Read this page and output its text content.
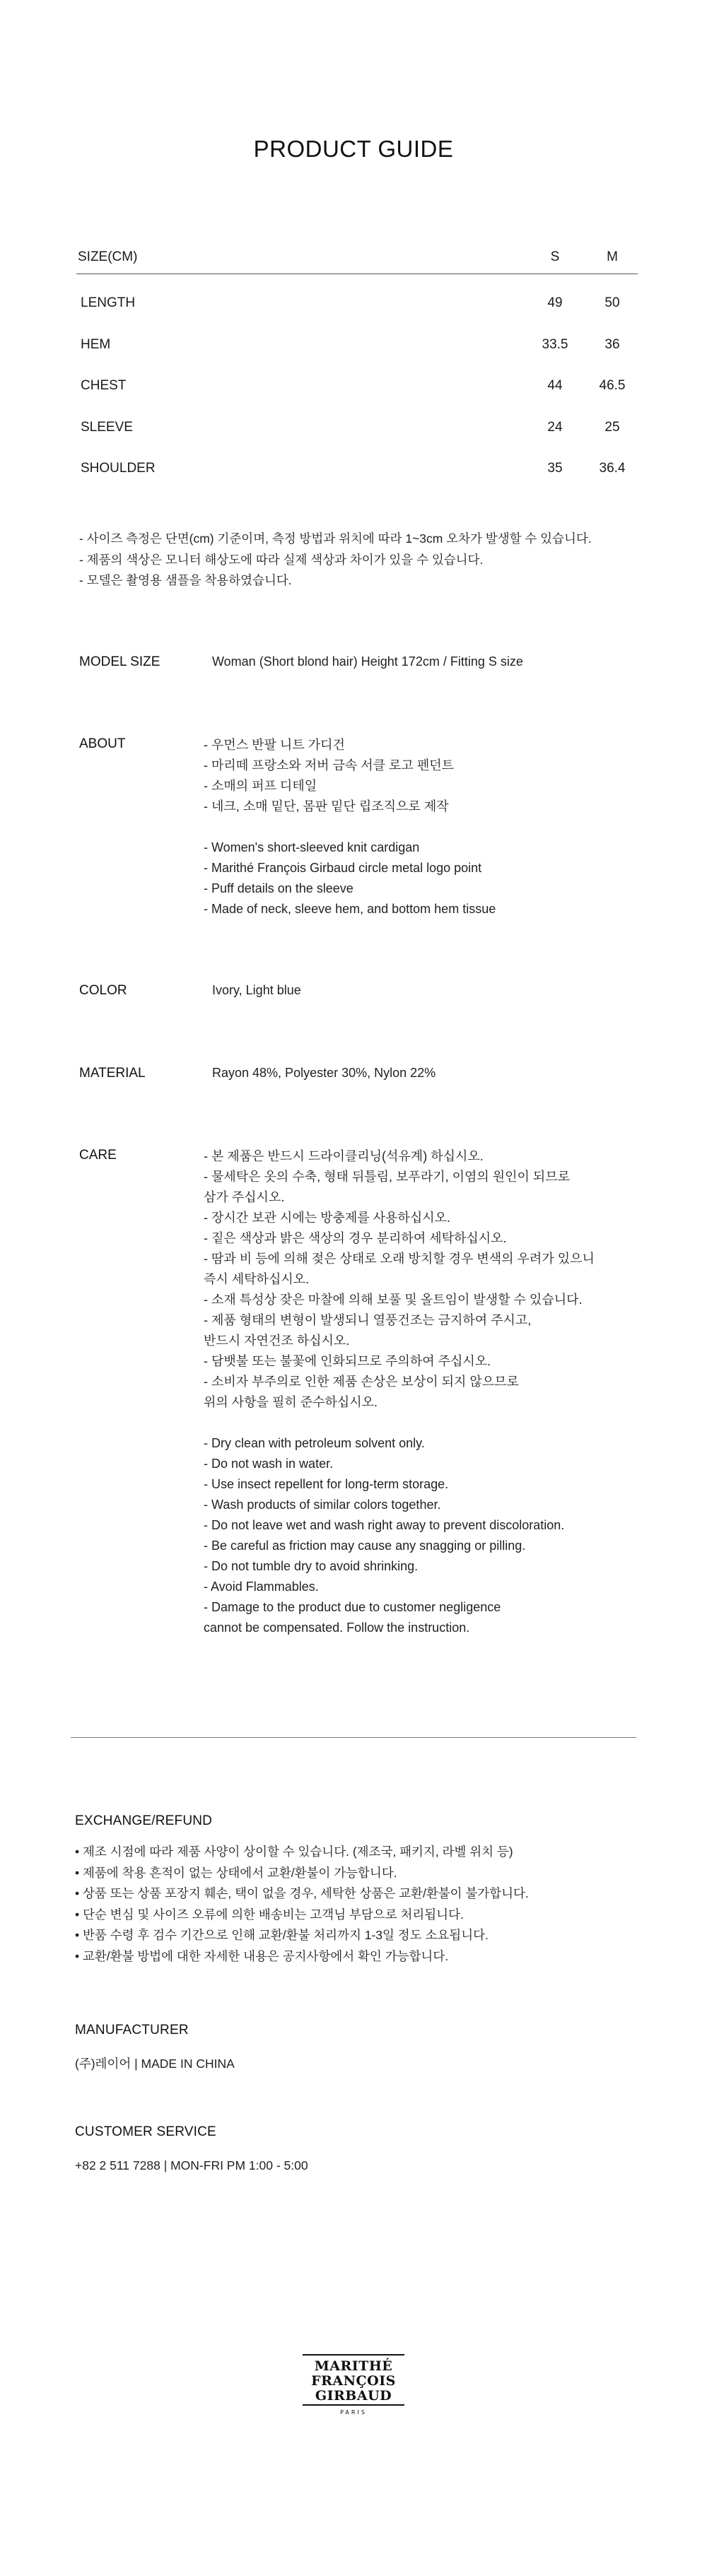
PRODUCT GUIDE
SIZE(CM)	S	M
LENGTH	49	50
HEM	33.5	36
CHEST	44	46.5
SLEEVE	24	25
SHOULDER	35	36.4
- 사이즈 측정은 단면(cm) 기준이며, 측정 방법과 위치에 따라 1~3cm 오차가 발생할 수 있습니다.
- 제품의 색상은 모니터 해상도에 따라 실제 색상과 차이가 있을 수 있습니다.
- 모델은 촬영용 샘플을 착용하였습니다.
MODEL SIZE	Woman (Short blond hair) Height 172cm / Fitting S size
ABOUT	- 우먼스 반팔 니트 가디건
- 마리떼 프랑소와 저버 금속 서클 로고 펜던트
- 소매의 퍼프 디테일
- 네크, 소매 밑단, 몸판 밑단 립조직으로 제작
- Women's short-sleeved knit cardigan
- Marithé François Girbaud circle metal logo point
- Puff details on the sleeve
- Made of neck, sleeve hem, and bottom hem tissue
COLOR	Ivory, Light blue
MATERIAL	Rayon 48%, Polyester 30%, Nylon 22%
CARE	- 본 제품은 반드시 드라이클리닝(석유계) 하십시오.
- 물세탁은 옷의 수축, 형태 뒤틀림, 보푸라기, 이염의 원인이 되므로
삼가 주십시오.
- 장시간 보관 시에는 방충제를 사용하십시오.
- 짙은 색상과 밝은 색상의 경우 분리하여 세탁하십시오.
- 땀과 비 등에 의해 젖은 상태로 오래 방치할 경우 변색의 우려가 있으니
즉시 세탁하십시오.
- 소재 특성상 잦은 마찰에 의해 보풀 및 올트임이 발생할 수 있습니다.
- 제품 형태의 변형이 발생되니 열풍건조는 금지하여 주시고,
반드시 자연건조 하십시오.
- 담뱃불 또는 불꽃에 인화되므로 주의하여 주십시오.
- 소비자 부주의로 인한 제품 손상은 보상이 되지 않으므로
위의 사항을 필히 준수하십시오.
- Dry clean with petroleum solvent only.
- Do not wash in water.
- Use insect repellent for long-term storage.
- Wash products of similar colors together.
- Do not leave wet and wash right away to prevent discoloration.
- Be careful as friction may cause any snagging or pilling.
- Do not tumble dry to avoid shrinking.
- Avoid Flammables.
- Damage to the product due to customer negligence
cannot be compensated. Follow the instruction.
EXCHANGE/REFUND
• 제조 시점에 따라 제품 사양이 상이할 수 있습니다. (제조국, 패키지, 라벨 위치 등)
• 제품에 착용 흔적이 없는 상태에서 교환/환불이 가능합니다.
• 상품 또는 상품 포장지 훼손, 택이 없을 경우, 세탁한 상품은 교환/환불이 불가합니다.
• 단순 변심 및 사이즈 오류에 의한 배송비는 고객님 부담으로 처리됩니다.
• 반품 수령 후 검수 기간으로 인해 교환/환불 처리까지 1-3일 정도 소요됩니다.
• 교환/환불 방법에 대한 자세한 내용은 공지사항에서 확인 가능합니다.
MANUFACTURER
(주)레이어 | MADE IN CHINA
CUSTOMER SERVICE
+82 2 511 7288 | MON-FRI PM 1:00 - 5:00
MARITHÉ
FRANÇOIS
GIRBAUD
PARIS
